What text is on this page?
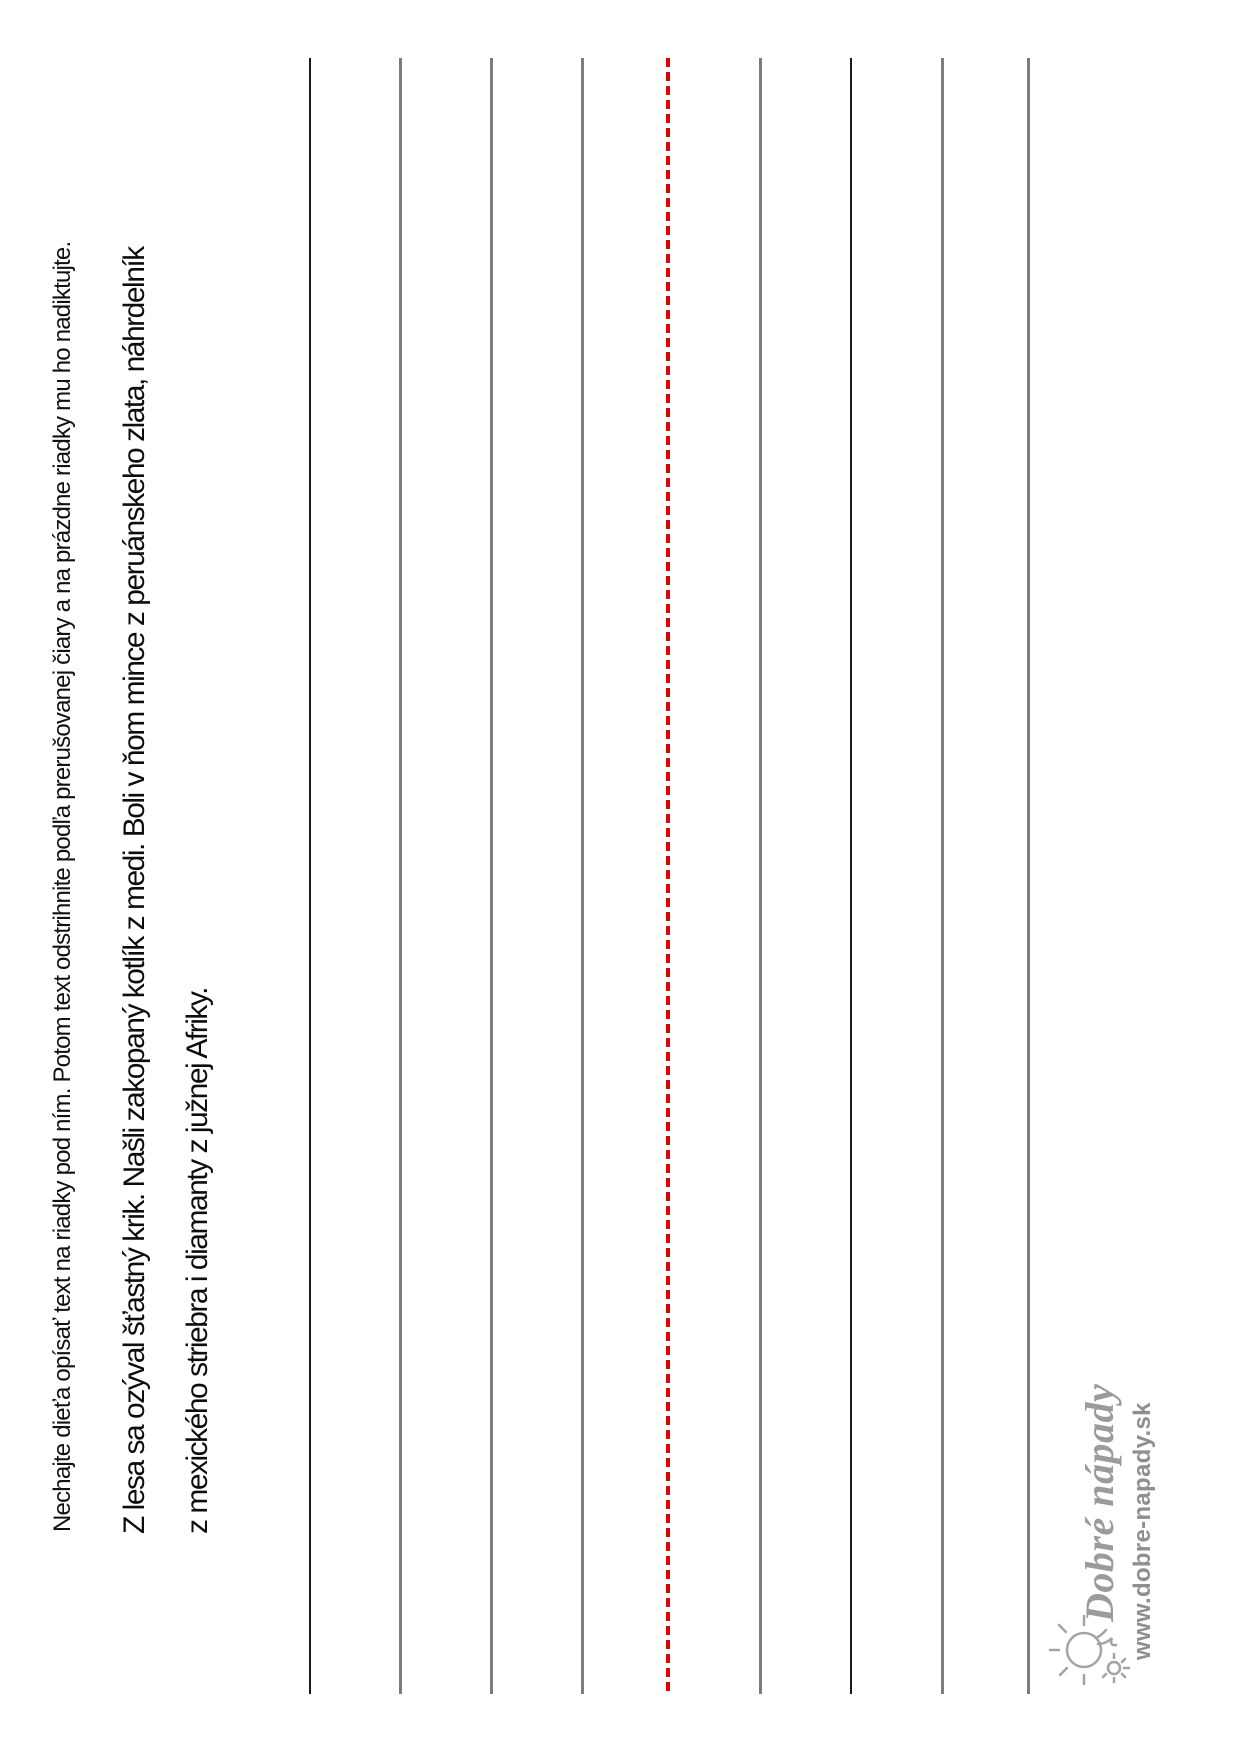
Nechajte dieťa opísať text na riadky pod ním. Potom text odstrihnite podľa prerušovanej čiary a na prázdne riadky mu ho nadiktujte. Z lesa sa ozýval šťastný krik. Našli zakopaný kotlík z medi. Boli v ňom mince z peruánskeho zlata, náhrdelník z mexického striebra i diamanty z južnej Afriky.	Dobré nápady www.dobre-napady.sk
